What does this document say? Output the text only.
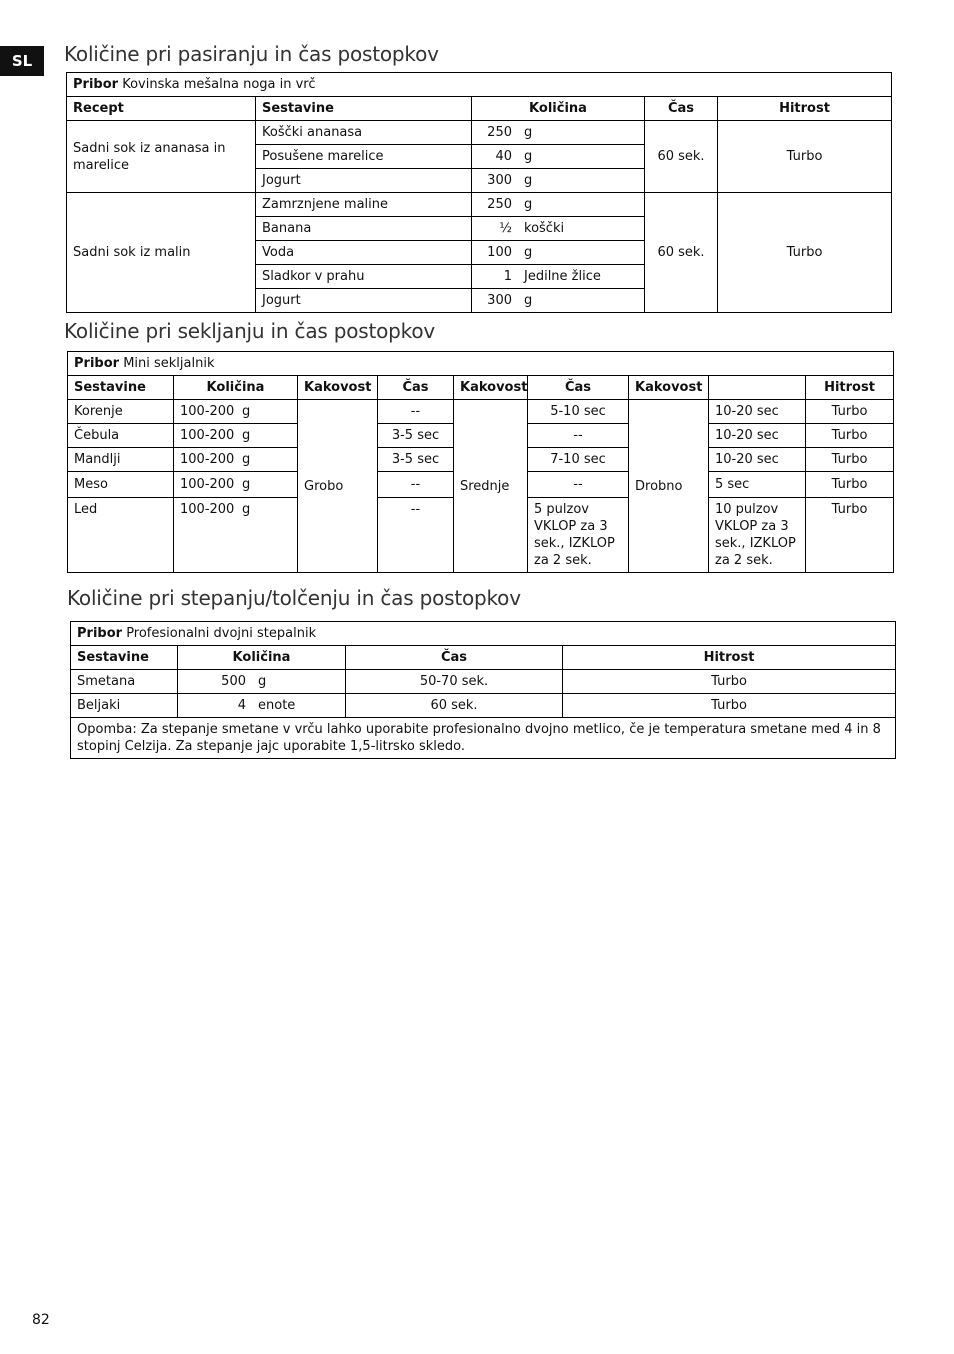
SL	Količine pri pasiranju in čas postopkov
Pribor Kovinska mešalna noga in vrč				
Recept	Sestavine	Količina	Čas	Hitrost
Sadni sok iz ananasa in marelice	Koščki ananasa	250 g	60 sek.	Turbo
	Posušene marelice	40 g		
	Jogurt	300 g		
Sadni sok iz malin	Zamrznjene maline	250 g	60 sek.	Turbo
	Banana	½ koščki		
	Voda	100 g		
	Sladkor v prahu	1 Jedilne žlice		
	Jogurt	300 g		
Količine pri sekljanju in čas postopkov
Pribor Mini sekljalnik								
Sestavine	Količina	Kakovost	Čas	Kakovost	Čas	Kakovost		Hitrost
Korenje	100-200 g	Grobo	--	Srednje	5-10 sec	Drobno	10-20 sec	Turbo
Čebula	100-200 g		3-5 sec		--		10-20 sec	Turbo
Mandlji	100-200 g		3-5 sec		7-10 sec		10-20 sec	Turbo
Meso	100-200 g		--		--		5 sec	Turbo
Led	100-200 g		--		5 pulzov VKLOP za 3 sek., IZKLOP za 2 sek.		10 pulzov VKLOP za 3 sek., IZKLOP za 2 sek.	Turbo
Količine pri stepanju/tolčenju in čas postopkov
Pribor Profesionalni dvojni stepalnik			
Sestavine	Količina	Čas	Hitrost
Smetana	500 g	50-70 sek.	Turbo
Beljaki	4 enote	60 sek.	Turbo
Opomba: Za stepanje smetane v vrču lahko uporabite profesionalno dvojno metlico, če je temperatura smetane med 4 in 8 stopinj Celzija. Za stepanje jajc uporabite 1,5-litrsko skledo.			
82
